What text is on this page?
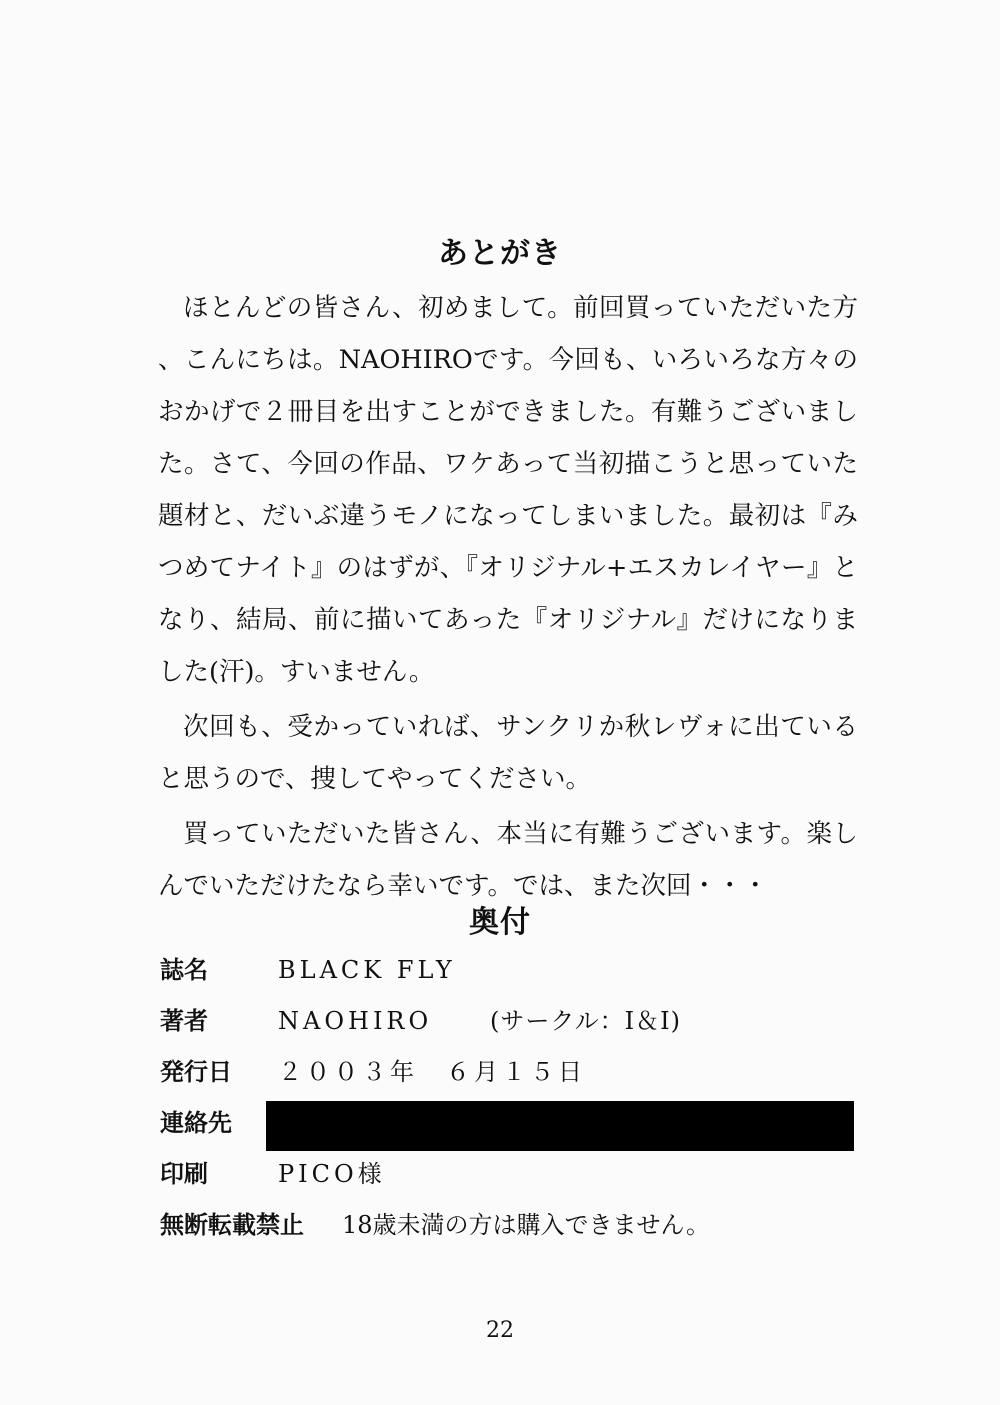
あとがき

ほとんどの皆さん、初めまして。前回買っていただいた方、こんにちは。NAOHIROです。今回も、いろいろな方々のおかげで２冊目を出すことができました。有難うございました。さて、今回の作品、ワケあって当初描こうと思っていた題材と、だいぶ違うモノになってしまいました。最初は『みつめてナイト』のはずが、『オリジナル+エスカレイヤー』となり、結局、前に描いてあった『オリジナル』だけになりました(汗)。すいません。

次回も、受かっていれば、サンクリか秋レヴォに出ていると思うので、捜してやってください。

買っていただいた皆さん、本当に有難うございます。楽しんでいただけたなら幸いです。では、また次回・・・

奥付
誌名	BLACK FLY
著者	NAOHIRO (サークル：I＆I)
発行日 ２００３年　６月１５日
連絡先
印刷	PICO様
無断転載禁止 18歳未満の方は購入できません。
22
